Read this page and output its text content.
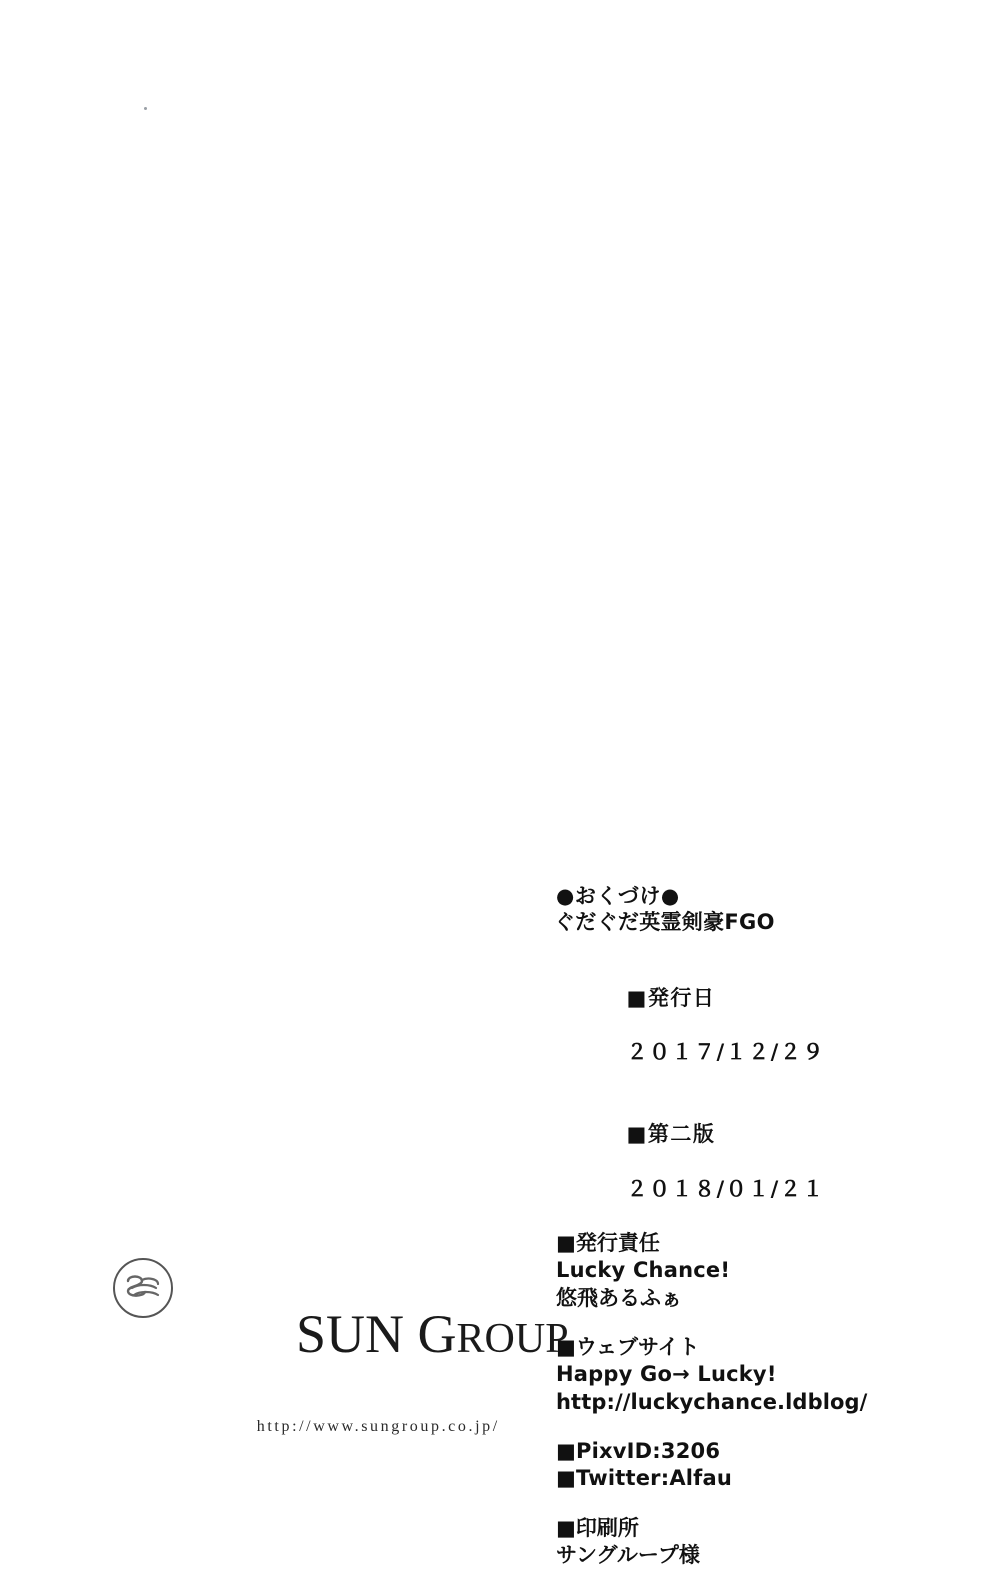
●おくづけ●
ぐだぐだ英霊剣豪FGO

■発行日

２０１７/１２/２９

■第二版

２０１８/０１/２１

■発行責任
Lucky Chance!
悠飛あるふぁ
■ウェブサイト
Happy Go→ Lucky!
http://luckychance.ldblog/
■PixvID:3206
■Twitter:Alfau
■印刷所
サングループ様

SUN GROUP

http://www.sungroup.co.jp/
